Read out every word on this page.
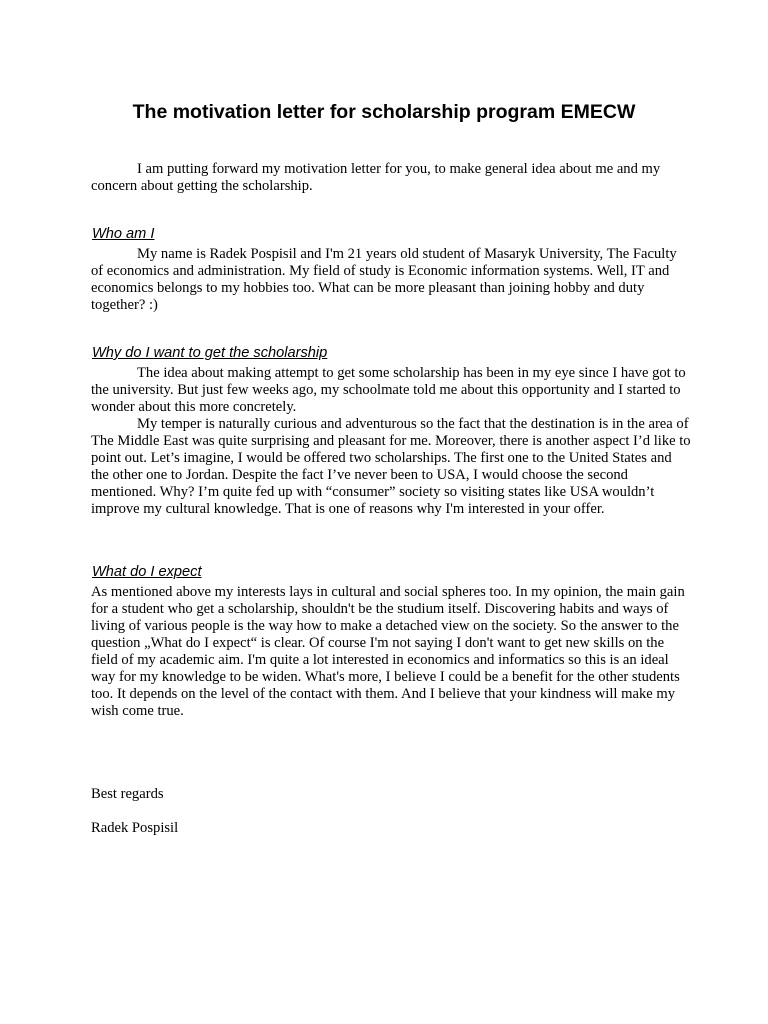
The motivation letter for scholarship program EMECW

I am putting forward my motivation letter for you, to make general idea about me and my concern about getting the scholarship.

Who am I

My name is Radek Pospisil and I'm 21 years old student of Masaryk University, The Faculty of economics and administration. My field of study is Economic information systems. Well, IT and economics belongs to my hobbies too. What can be more pleasant than joining hobby and duty together? :)

Why do I want to get the scholarship

The idea about making attempt to get some scholarship has been in my eye since I have got to the university. But just few weeks ago, my schoolmate told me about this opportunity and I started to wonder about this more concretely.

My temper is naturally curious and adventurous so the fact that the destination is in the area of The Middle East was quite surprising and pleasant for me. Moreover, there is another aspect I’d like to point out. Let’s imagine, I would be offered two scholarships. The first one to the United States and the other one to Jordan. Despite the fact I’ve never been to USA, I would choose the second mentioned. Why? I’m quite fed up with “consumer” society so visiting states like USA wouldn’t improve my cultural knowledge. That is one of reasons why I'm interested in your offer.

What do I expect

As mentioned above my interests lays in cultural and social spheres too. In my opinion, the main gain for a student who get a scholarship, shouldn't be the studium itself. Discovering habits and ways of living of various people is the way how to make a detached view on the society. So the answer to the question „What do I expect“ is clear. Of course I'm not saying I don't want to get new skills on the field of my academic aim. I'm quite a lot interested in economics and informatics so this is an ideal way for my knowledge to be widen. What's more, I believe I could be a benefit for the other students too. It depends on the level of the contact with them. And I believe that your kindness will make my wish come true.

Best regards

Radek Pospisil
